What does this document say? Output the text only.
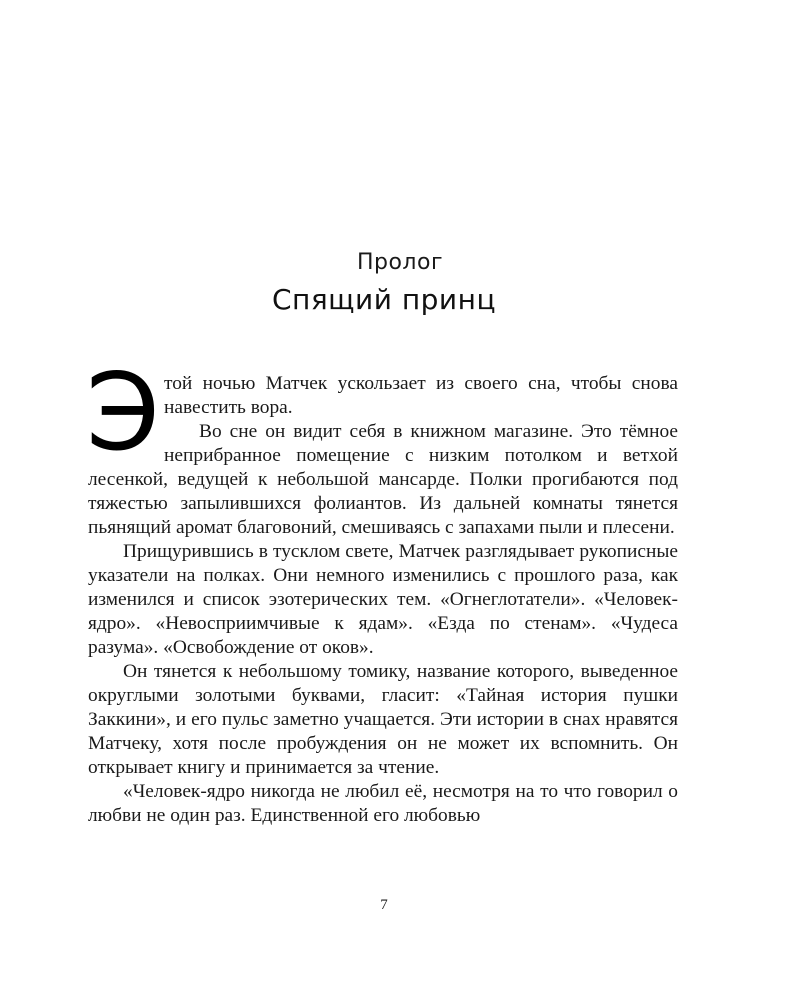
Пролог
Спящий принц

Этой ночью Матчек ускользает из своего сна, чтобы снова навестить вора.

Во сне он видит себя в книжном магазине. Это тёмное неприбранное помещение с низким потолком и ветхой лесенкой, ведущей к небольшой мансарде. Полки прогибаются под тяжестью запылившихся фолиантов. Из дальней комнаты тянется пьянящий аромат благовоний, смешиваясь с запахами пыли и плесени.

Прищурившись в тусклом свете, Матчек разглядывает рукописные указатели на полках. Они немного изменились с прошлого раза, как изменился и список эзотерических тем. «Огнеглотатели». «Человек-ядро». «Невосприимчивые к ядам». «Езда по стенам». «Чудеса разума». «Освобождение от оков».

Он тянется к небольшому томику, название которого, выведенное округлыми золотыми буквами, гласит: «Тайная история пушки Заккини», и его пульс заметно учащается. Эти истории в снах нравятся Матчеку, хотя после пробуждения он не может их вспомнить. Он открывает книгу и принимается за чтение.

«Человек-ядро никогда не любил её, несмотря на то что говорил о любви не один раз. Единственной его любовью

7
